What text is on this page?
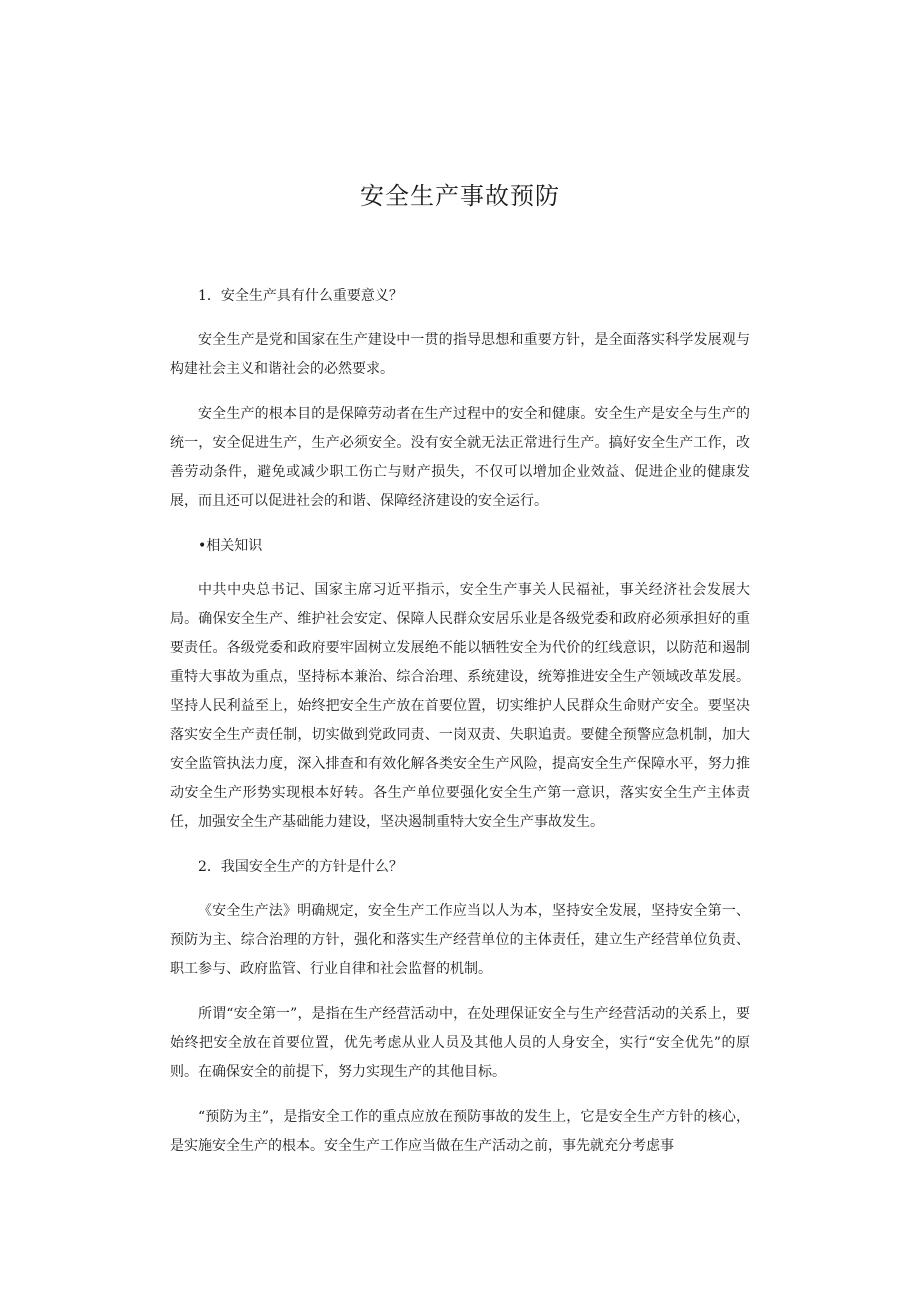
安全生产事故预防

1．安全生产具有什么重要意义？

安全生产是党和国家在生产建设中一贯的指导思想和重要方针，是全面落实科学发展观与构建社会主义和谐社会的必然要求。

安全生产的根本目的是保障劳动者在生产过程中的安全和健康。安全生产是安全与生产的统一，安全促进生产，生产必须安全。没有安全就无法正常进行生产。搞好安全生产工作，改善劳动条件，避免或减少职工伤亡与财产损失，不仅可以增加企业效益、促进企业的健康发展，而且还可以促进社会的和谐、保障经济建设的安全运行。

•相关知识

中共中央总书记、国家主席习近平指示，安全生产事关人民福祉，事关经济社会发展大局。确保安全生产、维护社会安定、保障人民群众安居乐业是各级党委和政府必须承担好的重要责任。各级党委和政府要牢固树立发展绝不能以牺牲安全为代价的红线意识，以防范和遏制重特大事故为重点，坚持标本兼治、综合治理、系统建设，统筹推进安全生产领域改革发展。坚持人民利益至上，始终把安全生产放在首要位置，切实维护人民群众生命财产安全。要坚决落实安全生产责任制，切实做到党政同责、一岗双责、失职追责。要健全预警应急机制，加大安全监管执法力度，深入排查和有效化解各类安全生产风险，提高安全生产保障水平，努力推动安全生产形势实现根本好转。各生产单位要强化安全生产第一意识，落实安全生产主体责任，加强安全生产基础能力建设，坚决遏制重特大安全生产事故发生。

2．我国安全生产的方针是什么？

《安全生产法》明确规定，安全生产工作应当以人为本，坚持安全发展，坚持安全第一、预防为主、综合治理的方针，强化和落实生产经营单位的主体责任，建立生产经营单位负责、职工参与、政府监管、行业自律和社会监督的机制。

所谓“安全第一”，是指在生产经营活动中，在处理保证安全与生产经营活动的关系上，要始终把安全放在首要位置，优先考虑从业人员及其他人员的人身安全，实行“安全优先”的原则。在确保安全的前提下，努力实现生产的其他目标。

“预防为主”，是指安全工作的重点应放在预防事故的发生上，它是安全生产方针的核心，是实施安全生产的根本。安全生产工作应当做在生产活动之前，事先就充分考虑事
